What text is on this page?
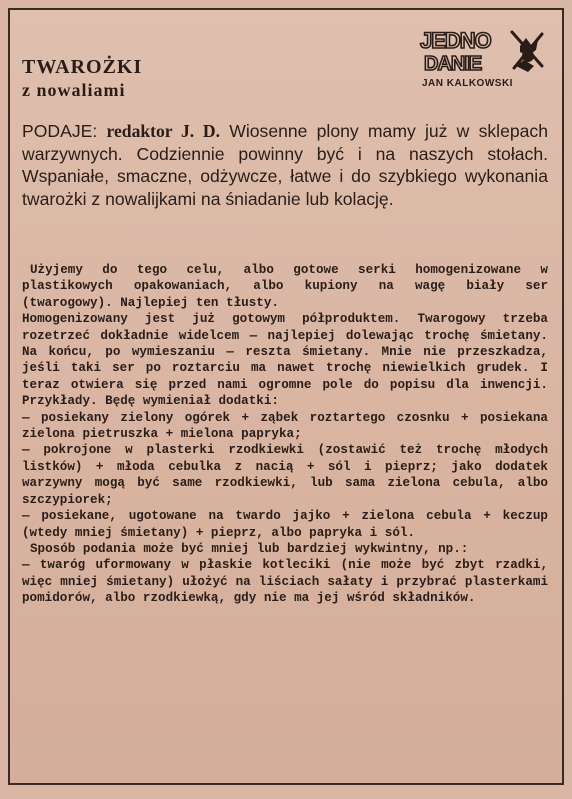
TWAROŻKI
z nowaliami
JEDNO
DANIE
JAN KALKOWSKI
PODAJE: redaktor J. D. Wiosenne plony mamy już w sklepach warzywnych. Codziennie powinny być i na naszych stołach. Wspaniałe, smaczne, odżywcze, łatwe i do szybkiego wykonania twarożki z nowalijkami na śniadanie lub kolację.

Użyjemy do tego celu, albo gotowe serki homogenizowane w plastikowych opakowaniach, albo kupiony na wagę biały ser (twarogowy). Najlepiej ten tłusty.

Homogenizowany jest już gotowym półproduktem. Twarogowy trzeba rozetrzeć dokładnie widelcem — najlepiej dolewając trochę śmietany. Na końcu, po wymieszaniu — reszta śmietany. Mnie nie przeszkadza, jeśli taki ser po roztarciu ma nawet trochę niewielkich grudek. I teraz otwiera się przed nami ogromne pole do popisu dla inwencji. Przykłady. Będę wymieniał dodatki:

— posiekany zielony ogórek + ząbek roztartego czosnku + posiekana zielona pietruszka + mielona papryka;

— pokrojone w plasterki rzodkiewki (zostawić też trochę młodych listków) + młoda cebulka z nacią + sól i pieprz; jako dodatek warzywny mogą być same rzodkiewki, lub sama zielona cebula, albo szczypiorek;

— posiekane, ugotowane na twardo jajko + zielona cebula + keczup (wtedy mniej śmietany) + pieprz, albo papryka i sól.

Sposób podania może być mniej lub bardziej wykwintny, np.:

— twaróg uformowany w płaskie kotleciki (nie może być zbyt rzadki, więc mniej śmietany) ułożyć na liściach sałaty i przybrać plasterkami pomidorów, albo rzodkiewką, gdy nie ma jej wśród składników.
